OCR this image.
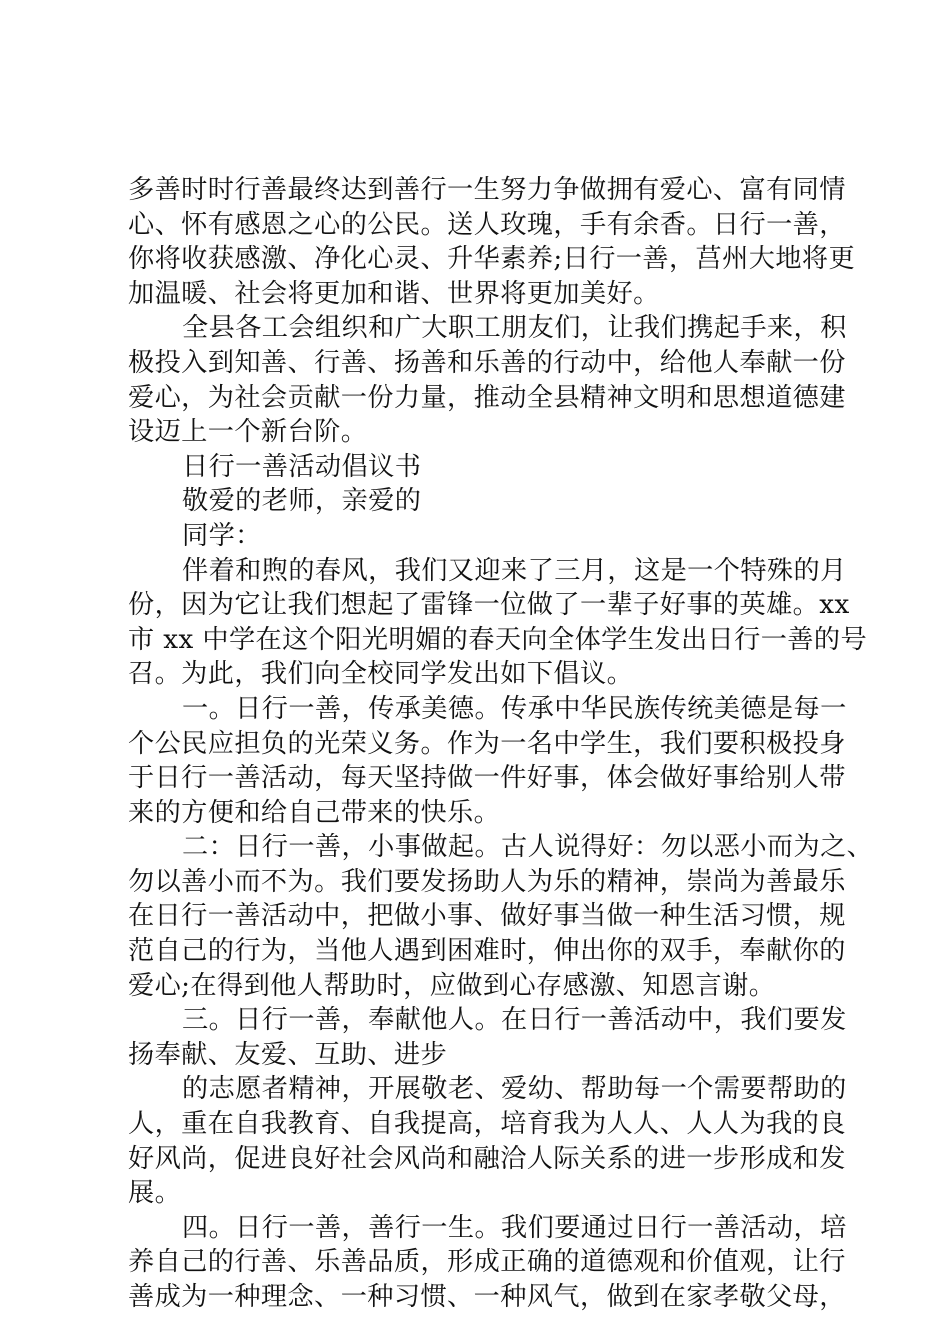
多善时时行善最终达到善行一生努力争做拥有爱心、富有同情
心、怀有感恩之心的公民。送人玫瑰，手有余香。日行一善，
你将收获感激、净化心灵、升华素养;日行一善，莒州大地将更
加温暖、社会将更加和谐、世界将更加美好。
全县各工会组织和广大职工朋友们，让我们携起手来，积
极投入到知善、行善、扬善和乐善的行动中，给他人奉献一份
爱心，为社会贡献一份力量，推动全县精神文明和思想道德建
设迈上一个新台阶。
日行一善活动倡议书
敬爱的老师，亲爱的
同学：
伴着和煦的春风，我们又迎来了三月，这是一个特殊的月
份，因为它让我们想起了雷锋一位做了一辈子好事的英雄。xx
市 xx 中学在这个阳光明媚的春天向全体学生发出日行一善的号
召。为此，我们向全校同学发出如下倡议。
一。日行一善，传承美德。传承中华民族传统美德是每一
个公民应担负的光荣义务。作为一名中学生，我们要积极投身
于日行一善活动，每天坚持做一件好事，体会做好事给别人带
来的方便和给自己带来的快乐。
二：日行一善，小事做起。古人说得好：勿以恶小而为之、
勿以善小而不为。我们要发扬助人为乐的精神，崇尚为善最乐
在日行一善活动中，把做小事、做好事当做一种生活习惯，规
范自己的行为，当他人遇到困难时，伸出你的双手，奉献你的
爱心;在得到他人帮助时，应做到心存感激、知恩言谢。
三。日行一善，奉献他人。在日行一善活动中，我们要发
扬奉献、友爱、互助、进步
的志愿者精神，开展敬老、爱幼、帮助每一个需要帮助的
人，重在自我教育、自我提高，培育我为人人、人人为我的良
好风尚，促进良好社会风尚和融洽人际关系的进一步形成和发
展。
四。日行一善，善行一生。我们要通过日行一善活动，培
养自己的行善、乐善品质，形成正确的道德观和价值观，让行
善成为一种理念、一种习惯、一种风气，做到在家孝敬父母，
